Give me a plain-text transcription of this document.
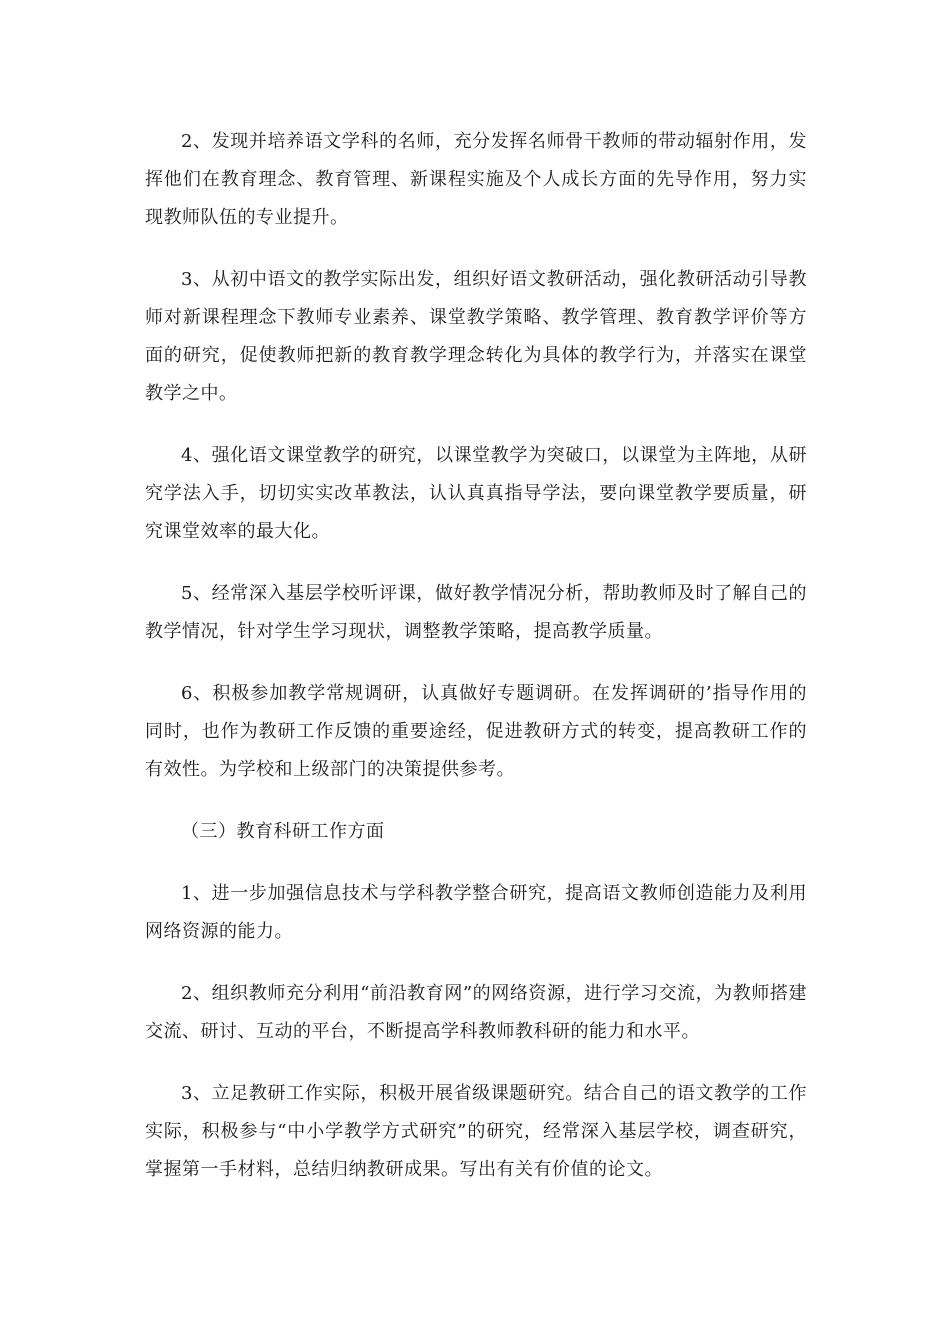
2、发现并培养语文学科的名师，充分发挥名师骨干教师的带动辐射作用，发挥他们在教育理念、教育管理、新课程实施及个人成长方面的先导作用，努力实现教师队伍的专业提升。

3、从初中语文的教学实际出发，组织好语文教研活动，强化教研活动引导教师对新课程理念下教师专业素养、课堂教学策略、教学管理、教育教学评价等方面的研究，促使教师把新的教育教学理念转化为具体的教学行为，并落实在课堂教学之中。

4、强化语文课堂教学的研究，以课堂教学为突破口，以课堂为主阵地，从研究学法入手，切切实实改革教法，认认真真指导学法，要向课堂教学要质量，研究课堂效率的最大化。

5、经常深入基层学校听评课，做好教学情况分析，帮助教师及时了解自己的教学情况，针对学生学习现状，调整教学策略，提高教学质量。

6、积极参加教学常规调研，认真做好专题调研。在发挥调研的’指导作用的同时，也作为教研工作反馈的重要途经，促进教研方式的转变，提高教研工作的有效性。为学校和上级部门的决策提供参考。

（三）教育科研工作方面

1、进一步加强信息技术与学科教学整合研究，提高语文教师创造能力及利用网络资源的能力。

2、组织教师充分利用“前沿教育网”的网络资源，进行学习交流，为教师搭建交流、研讨、互动的平台，不断提高学科教师教科研的能力和水平。

3、立足教研工作实际，积极开展省级课题研究。结合自己的语文教学的工作实际，积极参与“中小学教学方式研究”的研究，经常深入基层学校，调查研究，掌握第一手材料，总结归纳教研成果。写出有关有价值的论文。
